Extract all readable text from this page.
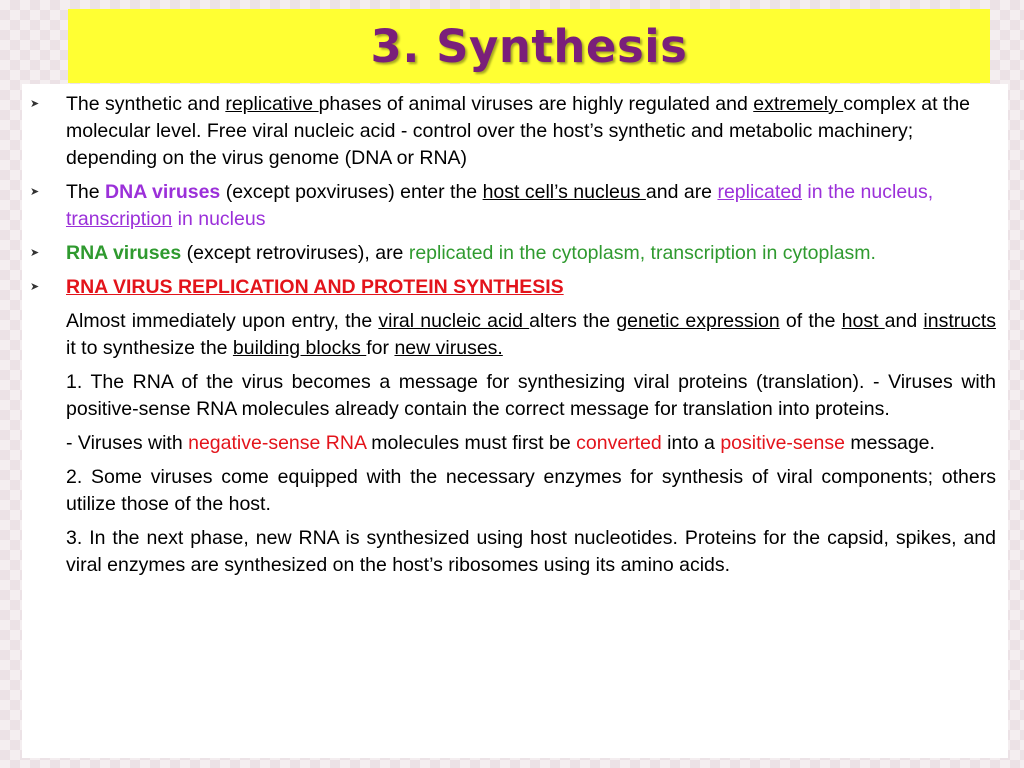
3. Synthesis
➤ The synthetic and replicative phases of animal viruses are highly regulated and extremely complex at the molecular level. Free viral nucleic acid - control over the host’s synthetic and metabolic machinery; depending on the virus genome (DNA or RNA)
➤ The DNA viruses (except poxviruses) enter the host cell’s nucleus and are replicated in the nucleus, transcription in nucleus
➤ RNA viruses (except retroviruses), are replicated in the cytoplasm, transcription in cytoplasm.
➤ RNA VIRUS REPLICATION AND PROTEIN SYNTHESIS
Almost immediately upon entry, the viral nucleic acid alters the genetic expression of the host and instructs it to synthesize the building blocks for new viruses.
1. The RNA of the virus becomes a message for synthesizing viral proteins (translation). - Viruses with positive-sense RNA molecules already contain the correct message for translation into proteins.
- Viruses with negative-sense RNA molecules must first be converted into a positive-sense message.
2. Some viruses come equipped with the necessary enzymes for synthesis of viral components; others utilize those of the host.
3. In the next phase, new RNA is synthesized using host nucleotides. Proteins for the capsid, spikes, and viral enzymes are synthesized on the host’s ribosomes using its amino acids.
